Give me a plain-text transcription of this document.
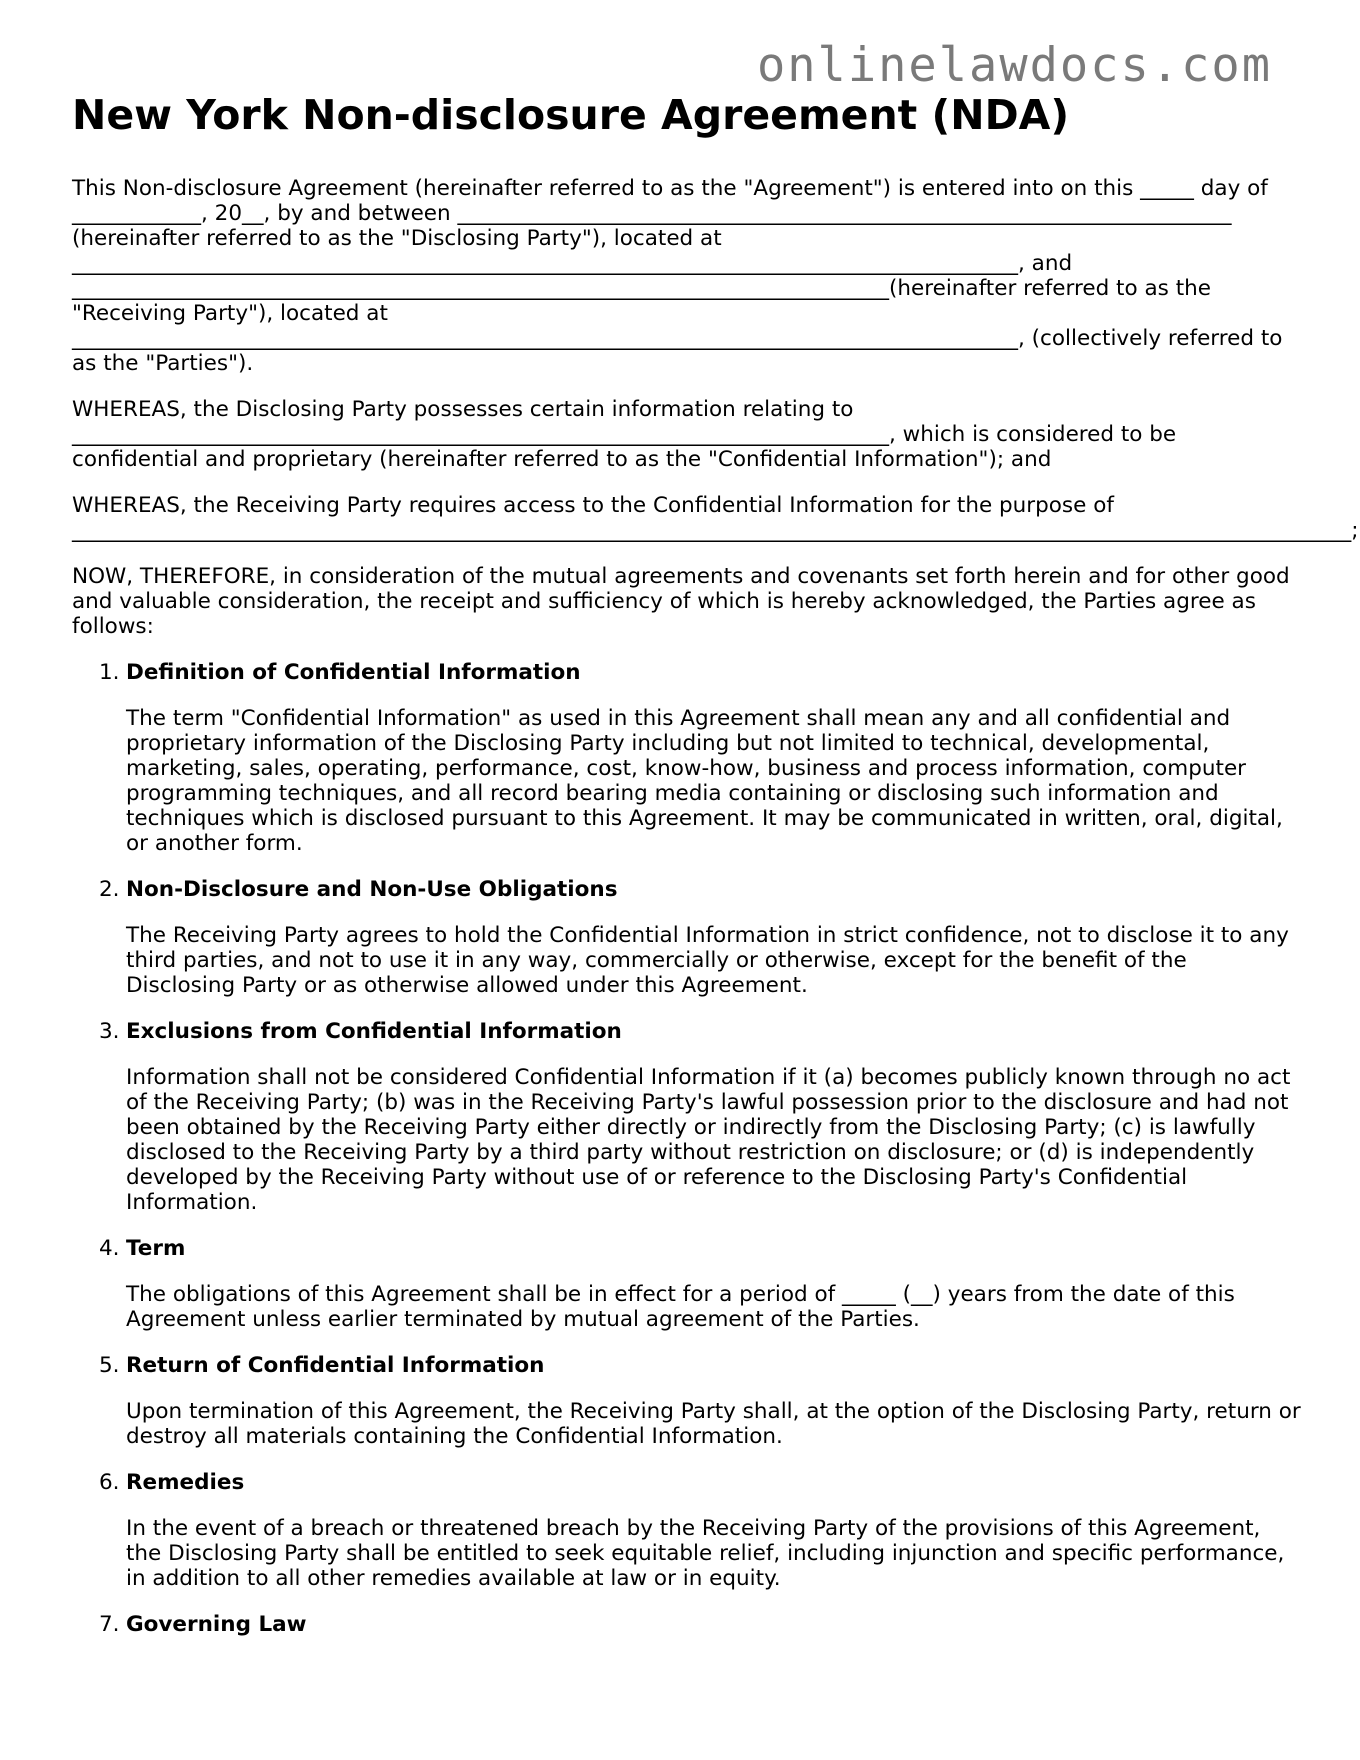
onlinelawdocs.com
New York Non-disclosure Agreement (NDA)

This Non-disclosure Agreement (hereinafter referred to as the "Agreement") is entered into on this _____ day of
____________, 20__, by and between ________________________________________________________________________
(hereinafter referred to as the "Disclosing Party"), located at
________________________________________________________________________________________, and
____________________________________________________________________________(hereinafter referred to as the
"Receiving Party"), located at
________________________________________________________________________________________, (collectively referred to
as the "Parties").

WHEREAS, the Disclosing Party possesses certain information relating to
____________________________________________________________________________, which is considered to be
confidential and proprietary (hereinafter referred to as the "Confidential Information"); and

WHEREAS, the Receiving Party requires access to the Confidential Information for the purpose of
_______________________________________________________________________________________________________________________;

NOW, THEREFORE, in consideration of the mutual agreements and covenants set forth herein and for other good
and valuable consideration, the receipt and sufficiency of which is hereby acknowledged, the Parties agree as
follows:

1. Definition of Confidential Information

The term "Confidential Information" as used in this Agreement shall mean any and all confidential and
proprietary information of the Disclosing Party including but not limited to technical, developmental,
marketing, sales, operating, performance, cost, know-how, business and process information, computer
programming techniques, and all record bearing media containing or disclosing such information and
techniques which is disclosed pursuant to this Agreement. It may be communicated in written, oral, digital,
or another form.

2. Non-Disclosure and Non-Use Obligations

The Receiving Party agrees to hold the Confidential Information in strict confidence, not to disclose it to any
third parties, and not to use it in any way, commercially or otherwise, except for the benefit of the
Disclosing Party or as otherwise allowed under this Agreement.

3. Exclusions from Confidential Information

Information shall not be considered Confidential Information if it (a) becomes publicly known through no act
of the Receiving Party; (b) was in the Receiving Party's lawful possession prior to the disclosure and had not
been obtained by the Receiving Party either directly or indirectly from the Disclosing Party; (c) is lawfully
disclosed to the Receiving Party by a third party without restriction on disclosure; or (d) is independently
developed by the Receiving Party without use of or reference to the Disclosing Party's Confidential
Information.

4. Term

The obligations of this Agreement shall be in effect for a period of _____ (__) years from the date of this
Agreement unless earlier terminated by mutual agreement of the Parties.

5. Return of Confidential Information

Upon termination of this Agreement, the Receiving Party shall, at the option of the Disclosing Party, return or
destroy all materials containing the Confidential Information.

6. Remedies

In the event of a breach or threatened breach by the Receiving Party of the provisions of this Agreement,
the Disclosing Party shall be entitled to seek equitable relief, including injunction and specific performance,
in addition to all other remedies available at law or in equity.

7. Governing Law
